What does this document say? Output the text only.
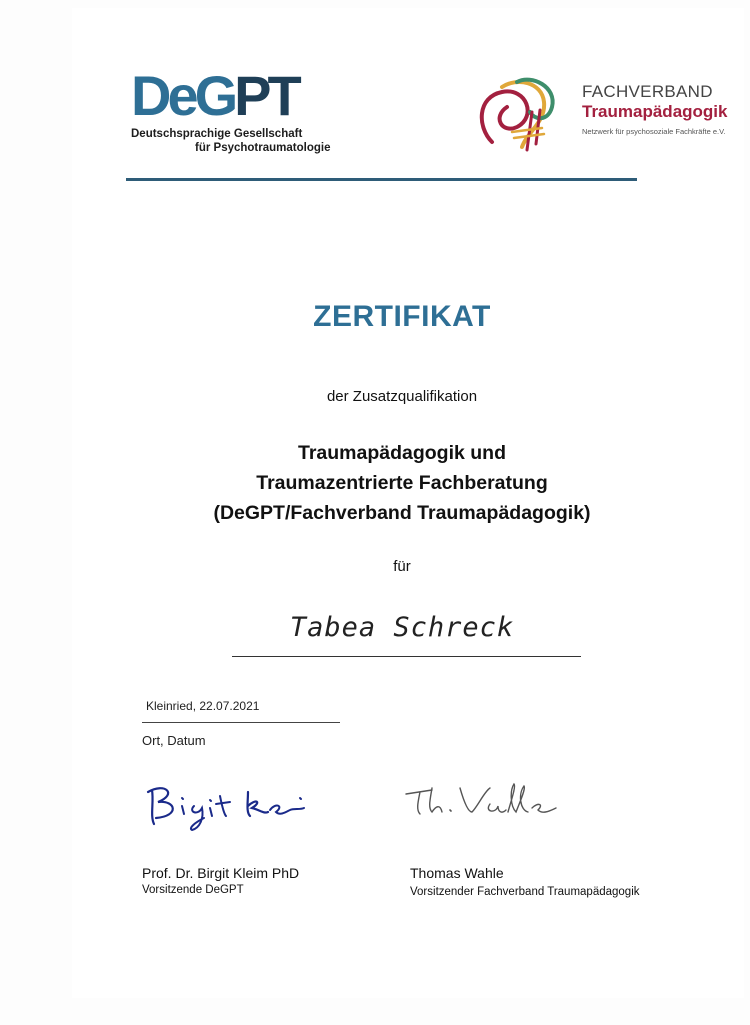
DeGPT
Deutschsprachige Gesellschaft
für Psychotraumatologie
FACHVERBAND
Traumapädagogik
Netzwerk für psychosoziale Fachkräfte e.V.
ZERTIFIKAT
der Zusatzqualifikation
Traumapädagogik und
Traumazentrierte Fachberatung
(DeGPT/Fachverband Traumapädagogik)
für
Tabea Schreck
Kleinried, 22.07.2021
Ort, Datum
Prof. Dr. Birgit Kleim PhD
Vorsitzende DeGPT
Thomas Wahle
Vorsitzender Fachverband Traumapädagogik
